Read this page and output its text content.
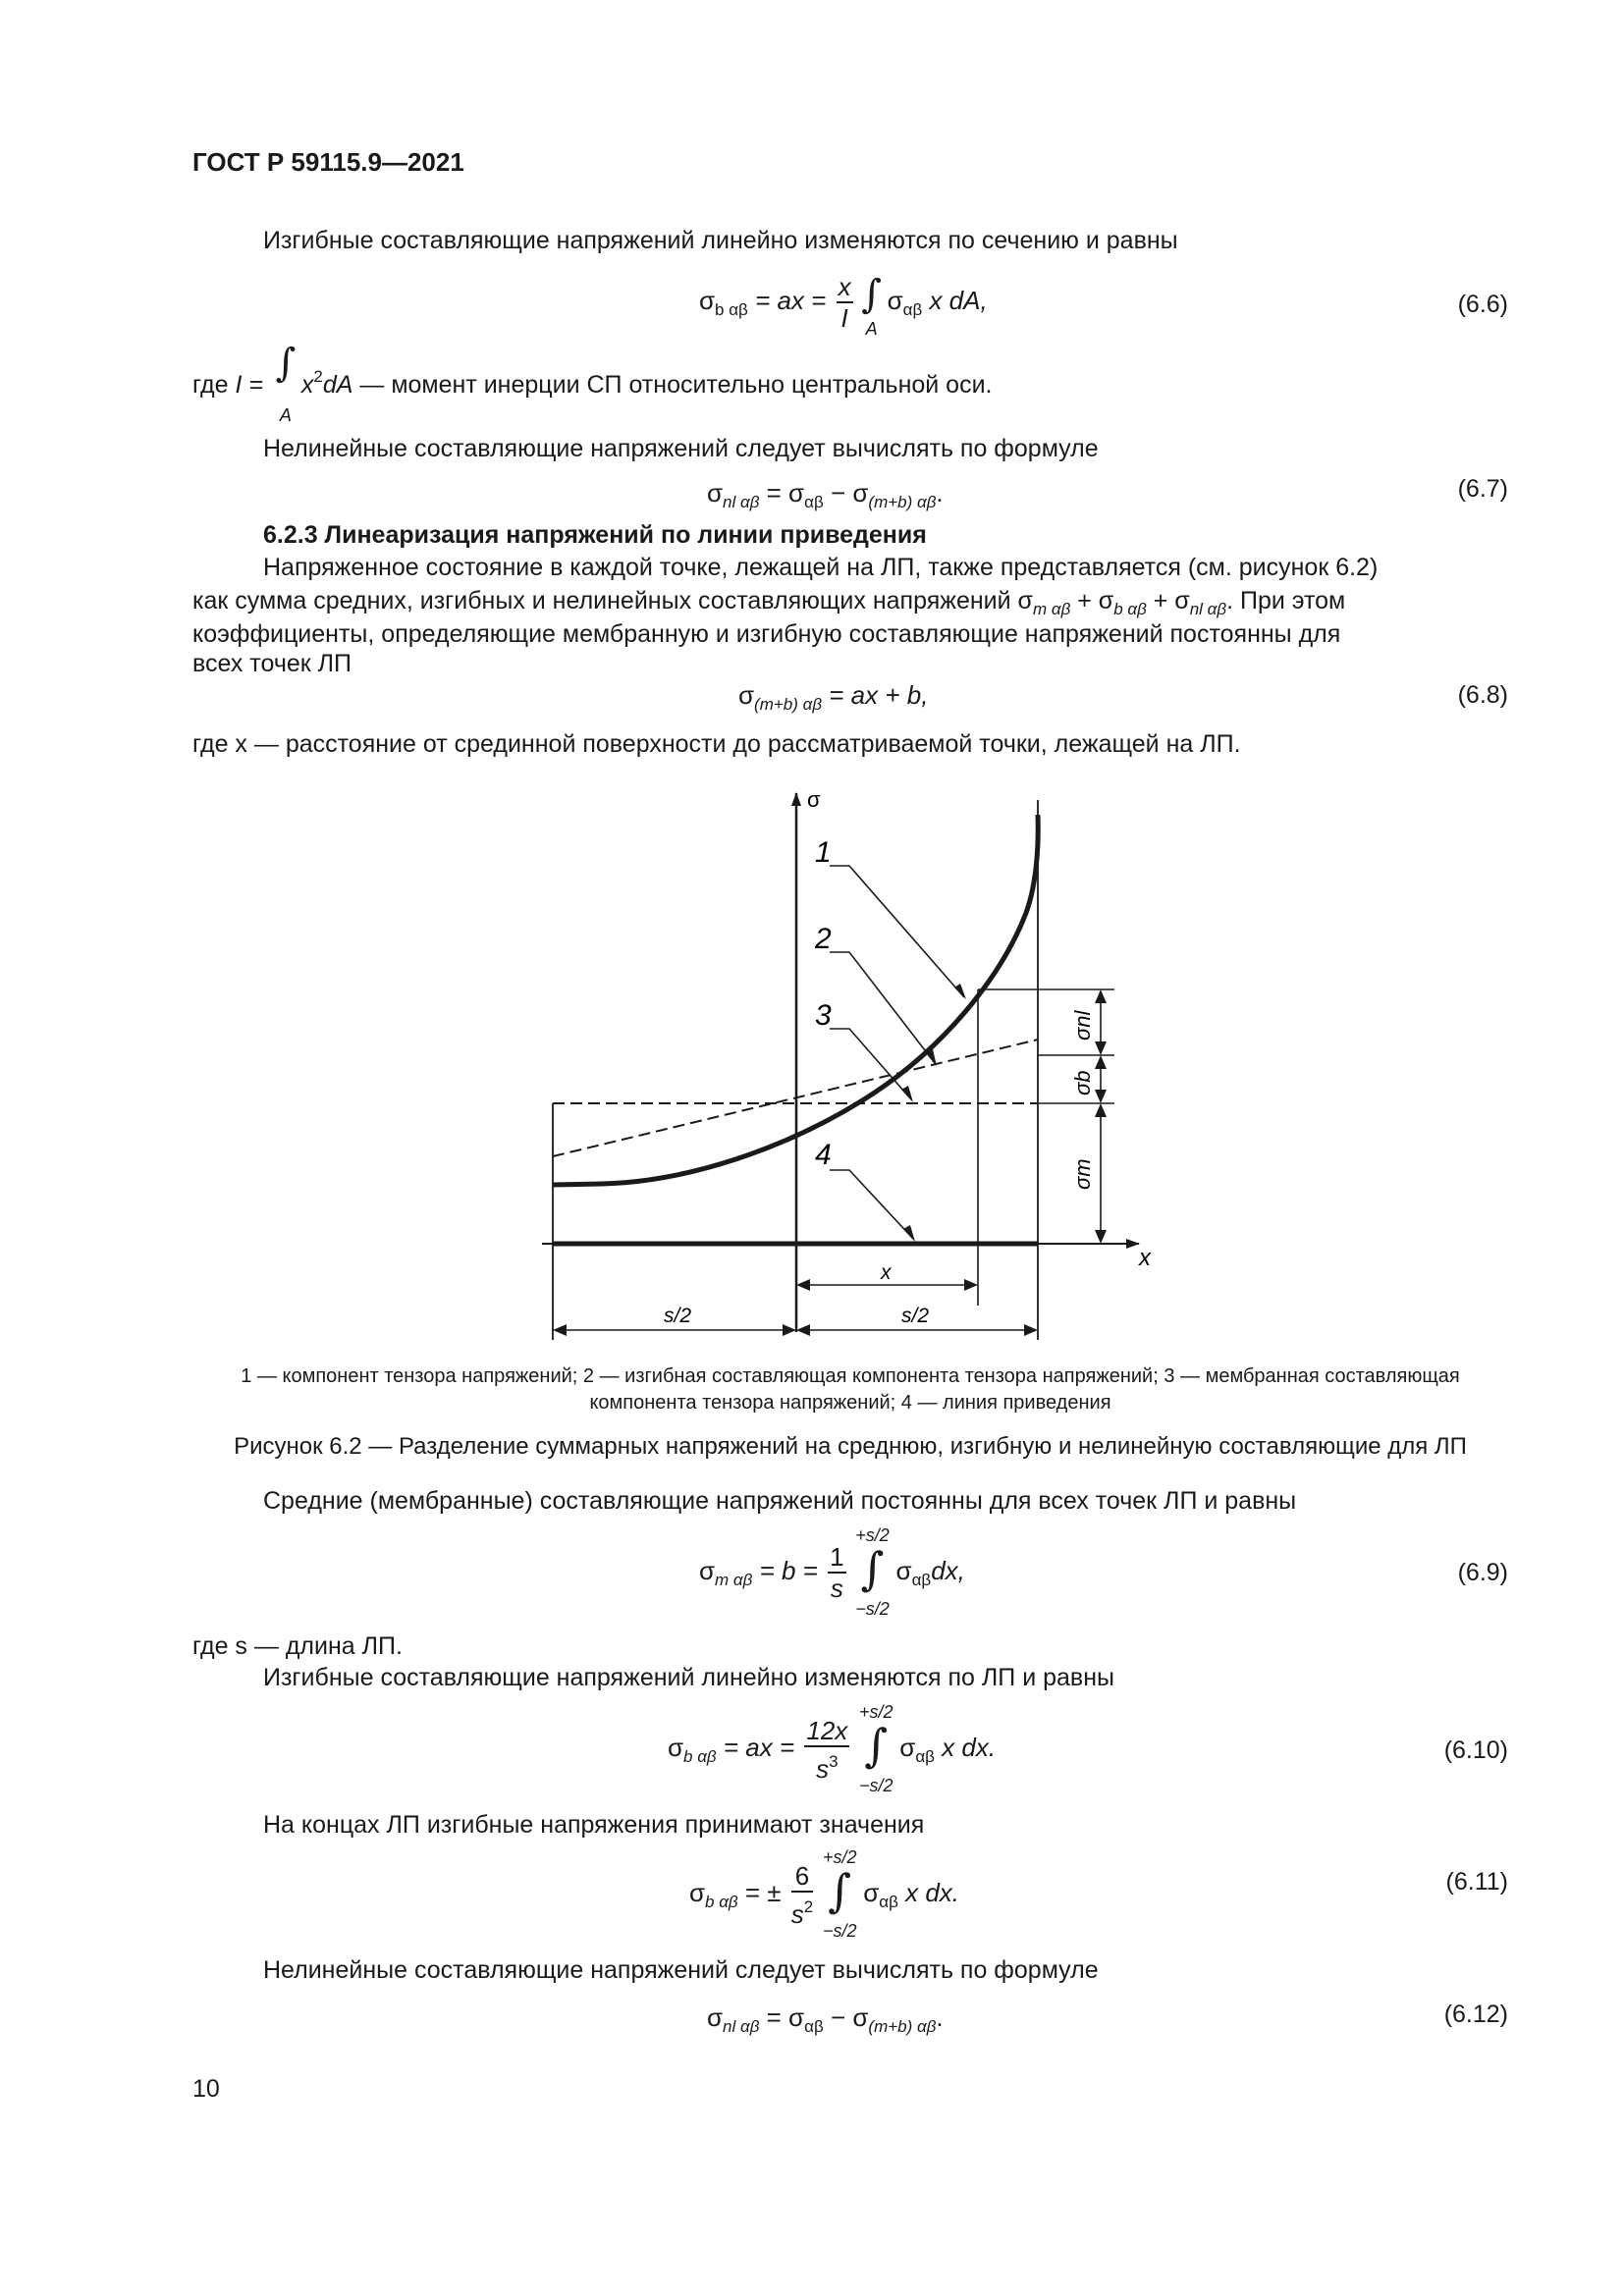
ГОСТ Р 59115.9—2021
Изгибные составляющие напряжений линейно изменяются по сечению и равны
$\sigma_{b \alpha\beta}$ = ax = $\frac{x}{I}$ ∫
A
$\sigma_{\alpha\beta}$ x dA,	(6.6)
где I = ∫
A
$x^2dA$ — момент инерции СП относительно центральной оси.
Нелинейные составляющие напряжений следует вычислять по формуле
$\sigma_{nl \alpha\beta} = \sigma_{\alpha\beta} - \sigma_{(m+b) \alpha\beta}$.	(6.7)
6.2.3 Линеаризация напряжений по линии приведения
Напряженное состояние в каждой точке, лежащей на ЛП, также представляется (см. рисунок 6.2)
как сумма средних, изгибных и нелинейных составляющих напряжений $\sigma_{m \alpha\beta} + \sigma_{b \alpha\beta} + \sigma_{nl \alpha\beta}$. При этом
коэффициенты, определяющие мембранную и изгибную составляющие напряжений постоянны для
всех точек ЛП
$\sigma_{(m+b) \alpha\beta}$ = ax + b,	(6.8)
где x — расстояние от срединной поверхности до рассматриваемой точки, лежащей на ЛП.
σ
x
1
2
3
4
x
s/2	s/2
σnl
σb
σm
1 — компонент тензора напряжений; 2 — изгибная составляющая компонента тензора напряжений; 3 — мембранная составляющая
компонента тензора напряжений; 4 — линия приведения
Рисунок 6.2 — Разделение суммарных напряжений на среднюю, изгибную и нелинейную составляющие для ЛП
Средние (мембранные) составляющие напряжений постоянны для всех точек ЛП и равны
$\sigma_{m \alpha\beta} = b = \frac{1}{s}$
+s/2
∫
−s/2
$\sigma_{\alpha\beta}dx$,	(6.9)
где s — длина ЛП.
Изгибные составляющие напряжений линейно изменяются по ЛП и равны
$\sigma_{b \alpha\beta}$ = ax = $\frac{12x}{s^3}$
+s/2
∫
−s/2
$\sigma_{\alpha\beta}$ x dx.	(6.10)
На концах ЛП изгибные напряжения принимают значения
$\sigma_{b \alpha\beta}$ = ± $\frac{6}{s^2}$
+s/2
∫
−s/2
$\sigma_{\alpha\beta}$ x dx.	(6.11)
Нелинейные составляющие напряжений следует вычислять по формуле
$\sigma_{nl \alpha\beta} = \sigma_{\alpha\beta} - \sigma_{(m+b) \alpha\beta}$.	(6.12)
10
